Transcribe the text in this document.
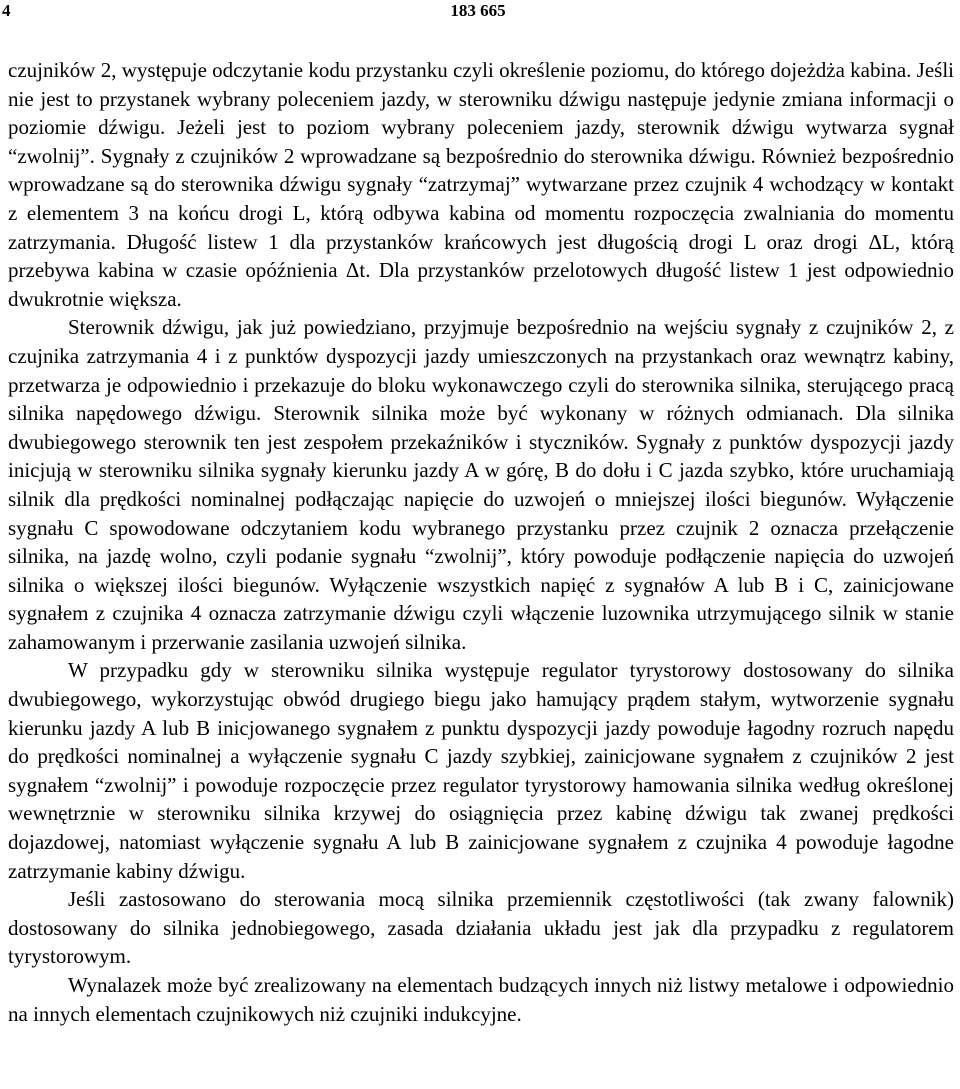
4	183 665

czujników 2, występuje odczytanie kodu przystanku czyli określenie poziomu, do którego dojeżdża kabina. Jeśli nie jest to przystanek wybrany poleceniem jazdy, w sterowniku dźwigu następuje jedynie zmiana informacji o poziomie dźwigu. Jeżeli jest to poziom wybrany poleceniem jazdy, sterownik dźwigu wytwarza sygnał “zwolnij”. Sygnały z czujników 2 wprowadzane są bezpośrednio do sterownika dźwigu. Również bezpośrednio wprowadzane są do sterownika dźwigu sygnały “zatrzymaj” wytwarzane przez czujnik 4 wchodzący w kontakt z elementem 3 na końcu drogi L, którą odbywa kabina od momentu rozpoczęcia zwalniania do momentu zatrzymania. Długość listew 1 dla przystanków krańcowych jest długością drogi L oraz drogi ΔL, którą przebywa kabina w czasie opóźnienia Δt. Dla przystanków przelotowych długość listew 1 jest odpowiednio dwukrotnie większa.

Sterownik dźwigu, jak już powiedziano, przyjmuje bezpośrednio na wejściu sygnały z czujników 2, z czujnika zatrzymania 4 i z punktów dyspozycji jazdy umieszczonych na przystankach oraz wewnątrz kabiny, przetwarza je odpowiednio i przekazuje do bloku wykonawczego czyli do sterownika silnika, sterującego pracą silnika napędowego dźwigu. Sterownik silnika może być wykonany w różnych odmianach. Dla silnika dwubiegowego sterownik ten jest zespołem przekaźników i styczników. Sygnały z punktów dyspozycji jazdy inicjują w sterowniku silnika sygnały kierunku jazdy A w górę, B do dołu i C jazda szybko, które uruchamiają silnik dla prędkości nominalnej podłączając napięcie do uzwojeń o mniejszej ilości biegunów. Wyłączenie sygnału C spowodowane odczytaniem kodu wybranego przystanku przez czujnik 2 oznacza przełączenie silnika, na jazdę wolno, czyli podanie sygnału “zwolnij”, który powoduje podłączenie napięcia do uzwojeń silnika o większej ilości biegunów. Wyłączenie wszystkich napięć z sygnałów A lub B i C, zainicjowane sygnałem z czujnika 4 oznacza zatrzymanie dźwigu czyli włączenie luzownika utrzymującego silnik w stanie zahamowanym i przerwanie zasilania uzwojeń silnika.

W przypadku gdy w sterowniku silnika występuje regulator tyrystorowy dostosowany do silnika dwubiegowego, wykorzystując obwód drugiego biegu jako hamujący prądem stałym, wytworzenie sygnału kierunku jazdy A lub B inicjowanego sygnałem z punktu dyspozycji jazdy powoduje łagodny rozruch napędu do prędkości nominalnej a wyłączenie sygnału C jazdy szybkiej, zainicjowane sygnałem z czujników 2 jest sygnałem “zwolnij” i powoduje rozpoczęcie przez regulator tyrystorowy hamowania silnika według określonej wewnętrznie w sterowniku silnika krzywej do osiągnięcia przez kabinę dźwigu tak zwanej prędkości dojazdowej, natomiast wyłączenie sygnału A lub B zainicjowane sygnałem z czujnika 4 powoduje łagodne zatrzymanie kabiny dźwigu.

Jeśli zastosowano do sterowania mocą silnika przemiennik częstotliwości (tak zwany falownik) dostosowany do silnika jednobiegowego, zasada działania układu jest jak dla przypadku z regulatorem tyrystorowym.

Wynalazek może być zrealizowany na elementach budzących innych niż listwy metalowe i odpowiednio na innych elementach czujnikowych niż czujniki indukcyjne.
